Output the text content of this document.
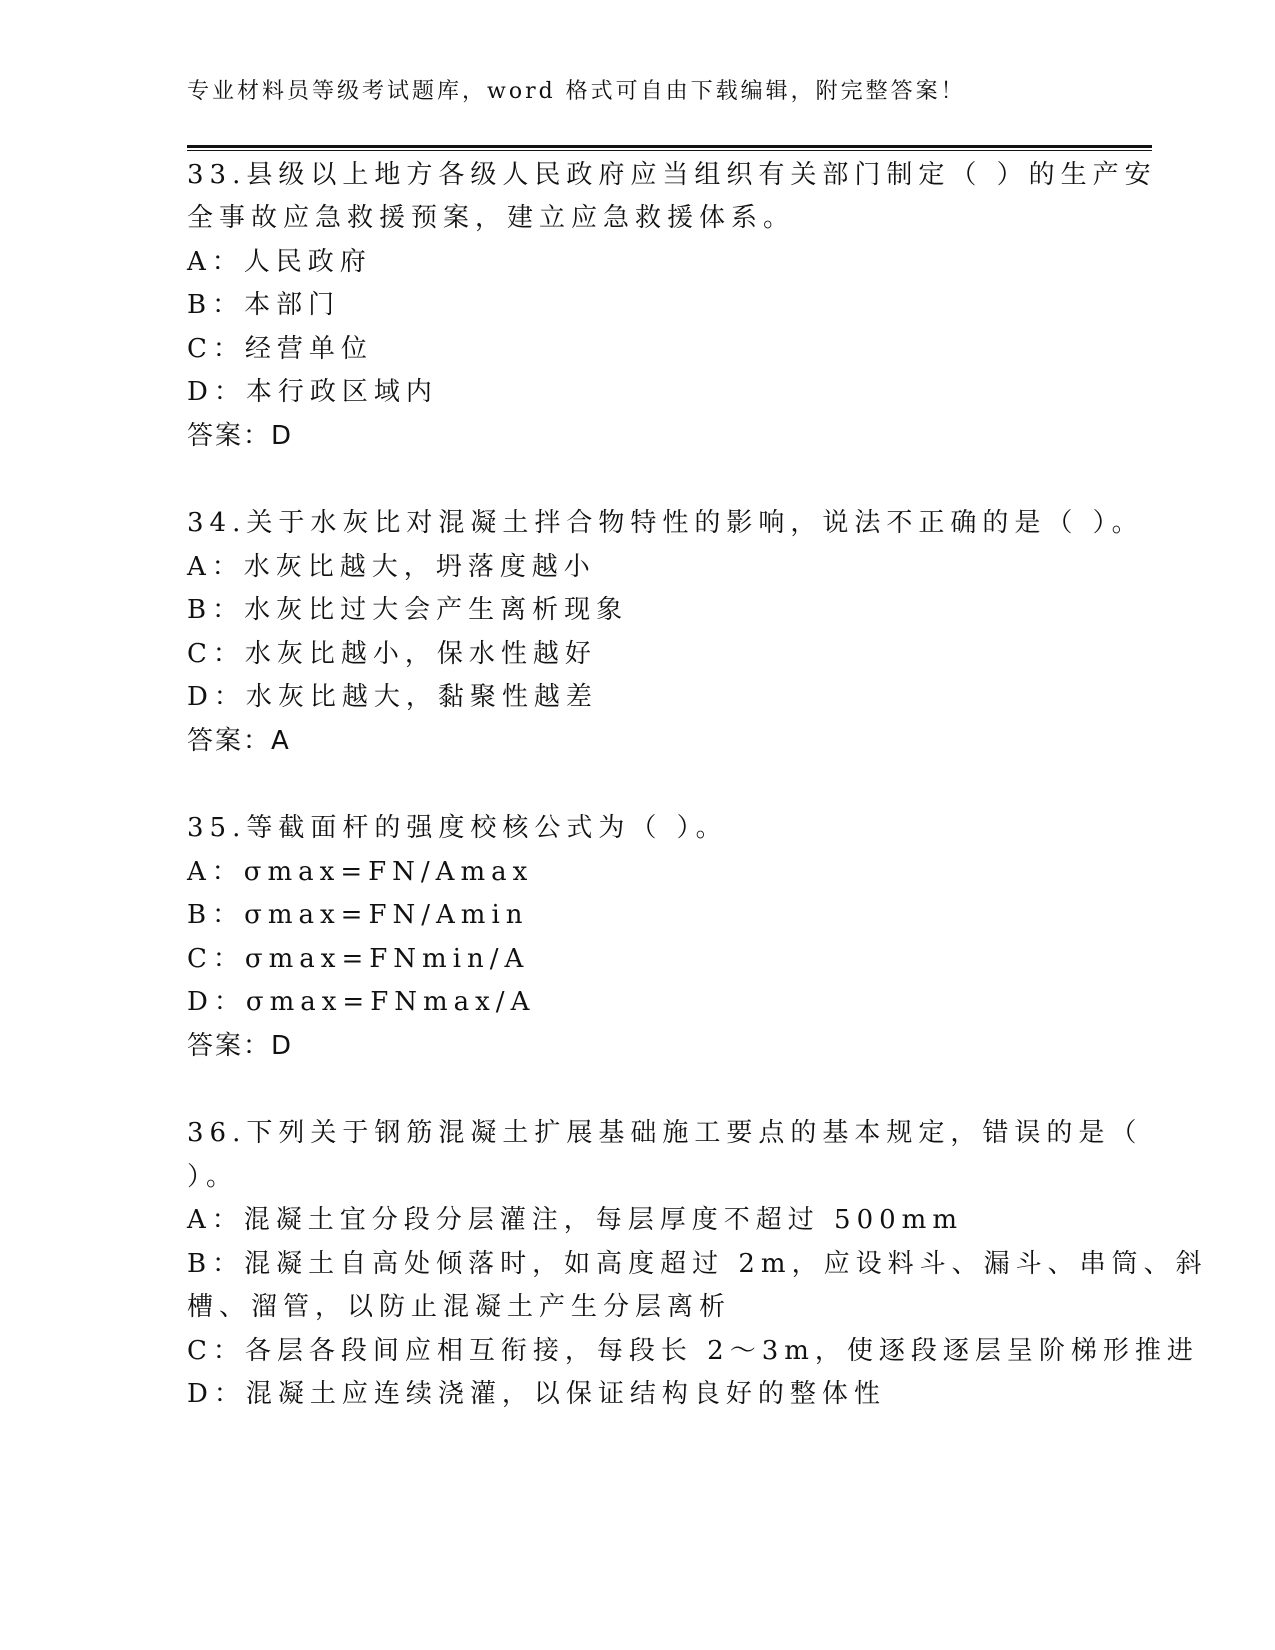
专业材料员等级考试题库，word 格式可自由下载编辑，附完整答案！
33.县级以上地方各级人民政府应当组织有关部门制定（ ）的生产安
全事故应急救援预案，建立应急救援体系。
A：人民政府
B：本部门
C：经营单位
D：本行政区域内
答案：D
34.关于水灰比对混凝土拌合物特性的影响，说法不正确的是（ ）。
A：水灰比越大，坍落度越小
B：水灰比过大会产生离析现象
C：水灰比越小，保水性越好
D：水灰比越大，黏聚性越差
答案：A
35.等截面杆的强度校核公式为（ ）。
A：σmax=FN/Amax
B：σmax=FN/Amin
C：σmax=FNmin/A
D：σmax=FNmax/A
答案：D
36.下列关于钢筋混凝土扩展基础施工要点的基本规定，错误的是（
）。
A：混凝土宜分段分层灌注，每层厚度不超过 500mm
B：混凝土自高处倾落时，如高度超过 2m，应设料斗、漏斗、串筒、斜
槽、溜管，以防止混凝土产生分层离析
C：各层各段间应相互衔接，每段长 2～3m，使逐段逐层呈阶梯形推进
D：混凝土应连续浇灌，以保证结构良好的整体性
